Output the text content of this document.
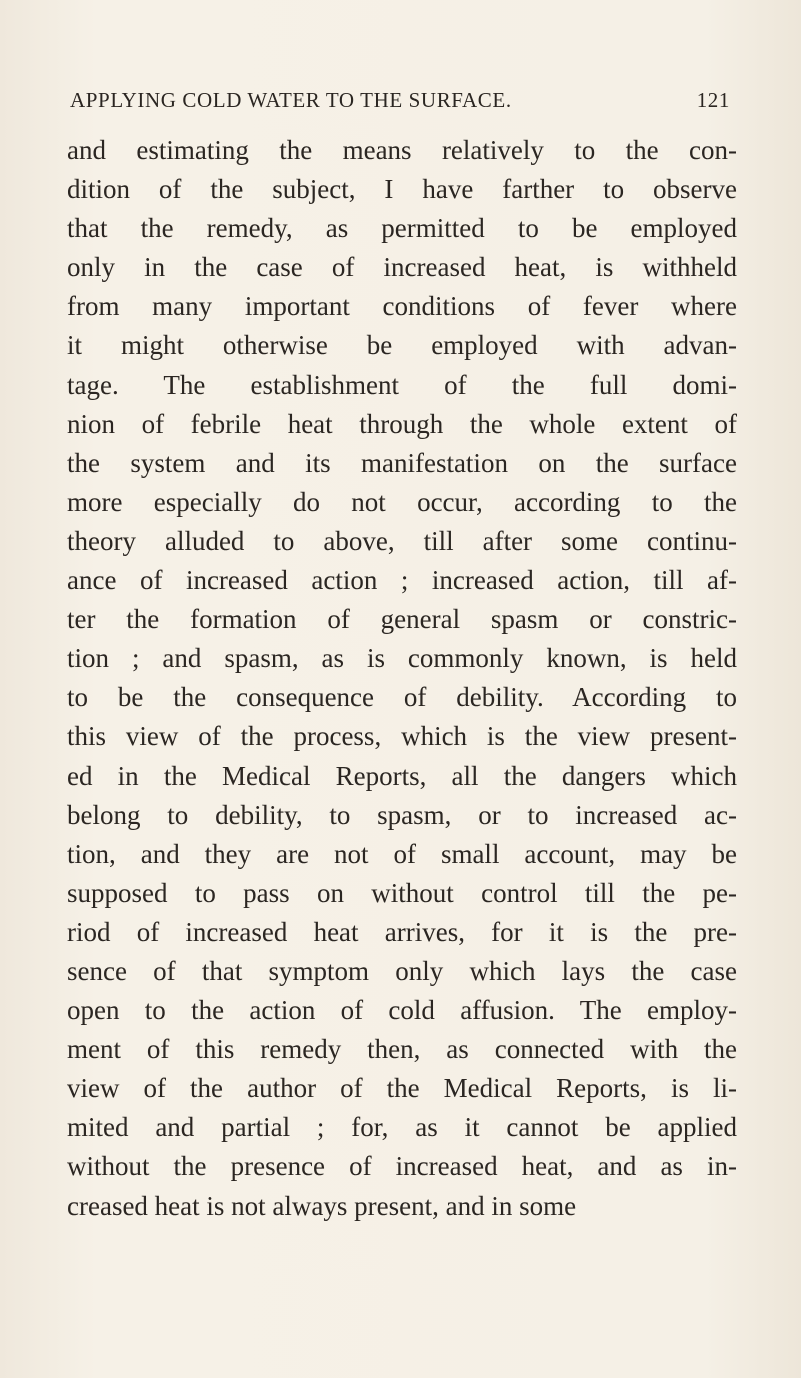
APPLYING COLD WATER TO THE SURFACE.	121
and estimating the means relatively to the con-
dition of the subject, I have farther to observe
that the remedy, as permitted to be employed
only in the case of increased heat, is withheld
from many important conditions of fever where
it might otherwise be employed with advan-
tage. The establishment of the full domi-
nion of febrile heat through the whole extent of
the system and its manifestation on the surface
more especially do not occur, according to the
theory alluded to above, till after some continu-
ance of increased action ; increased action, till af-
ter the formation of general spasm or constric-
tion ; and spasm, as is commonly known, is held
to be the consequence of debility. According to
this view of the process, which is the view present-
ed in the Medical Reports, all the dangers which
belong to debility, to spasm, or to increased ac-
tion, and they are not of small account, may be
supposed to pass on without control till the pe-
riod of increased heat arrives, for it is the pre-
sence of that symptom only which lays the case
open to the action of cold affusion. The employ-
ment of this remedy then, as connected with the
view of the author of the Medical Reports, is li-
mited and partial ; for, as it cannot be applied
without the presence of increased heat, and as in-
creased heat is not always present, and in some
